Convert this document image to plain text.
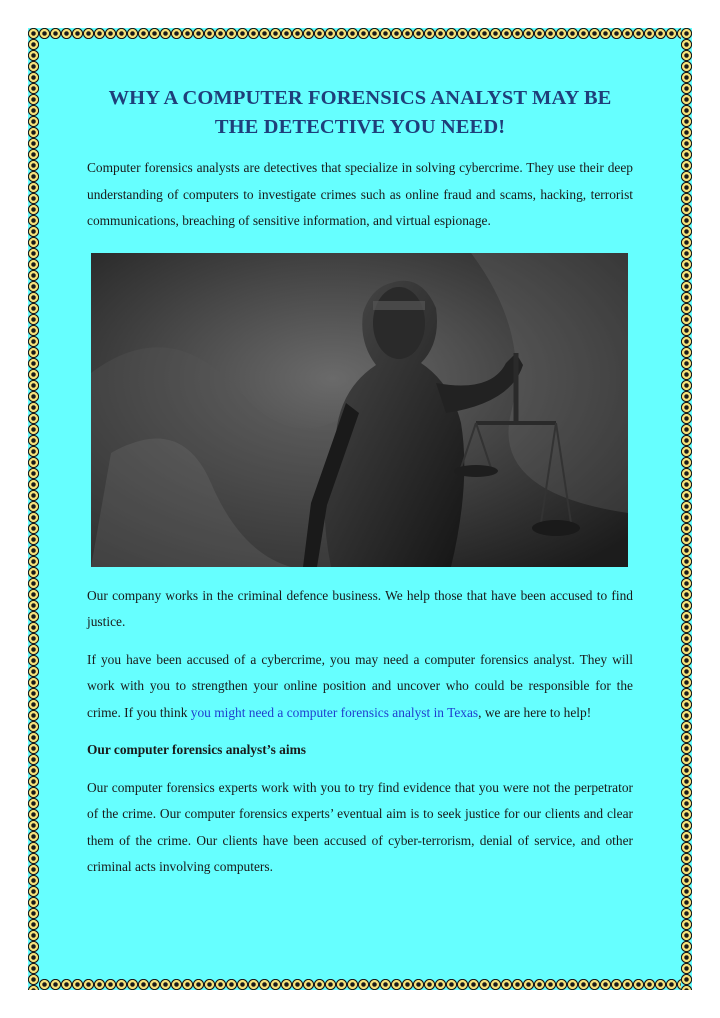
WHY A COMPUTER FORENSICS ANALYST MAY BE THE DETECTIVE YOU NEED!

Computer forensics analysts are detectives that specialize in solving cybercrime. They use their deep understanding of computers to investigate crimes such as online fraud and scams, hacking, terrorist communications, breaching of sensitive information, and virtual espionage.

Our company works in the criminal defence business. We help those that have been accused to find justice.

If you have been accused of a cybercrime, you may need a computer forensics analyst. They will work with you to strengthen your online position and uncover who could be responsible for the crime. If you think you might need a computer forensics analyst in Texas, we are here to help!

Our computer forensics analyst’s aims

Our computer forensics experts work with you to try find evidence that you were not the perpetrator of the crime. Our computer forensics experts’ eventual aim is to seek justice for our clients and clear them of the crime. Our clients have been accused of cyber-terrorism, denial of service, and other criminal acts involving computers.
